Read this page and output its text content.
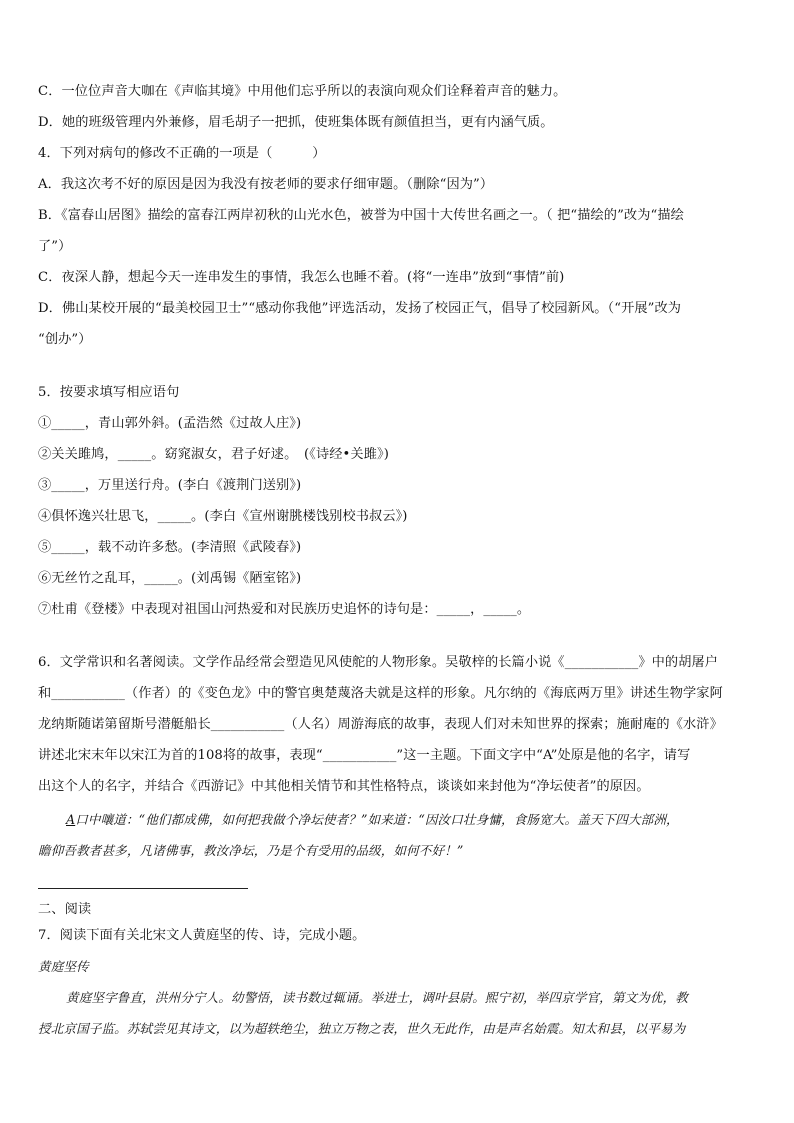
C．一位位声音大咖在《声临其境》中用他们忘乎所以的表演向观众们诠释着声音的魅力。
D．她的班级管理内外兼修，眉毛胡子一把抓，使班集体既有颜值担当，更有内涵气质。
4．下列对病句的修改不正确的一项是（　　　）
A．我这次考不好的原因是因为我没有按老师的要求仔细审题。（删除“因为”）
B．《富春山居图》描绘的富春江两岸初秋的山光水色，被誉为中国十大传世名画之一。（ 把“描绘的”改为“描绘
了”）
C．夜深人静，想起今天一连串发生的事情，我怎么也睡不着。(将“一连串”放到“事情”前)
D．佛山某校开展的“最美校园卫士”“感动你我他”评选活动，发扬了校园正气，倡导了校园新风。（“开展”改为
“创办”）
5．按要求填写相应语句
①_____，青山郭外斜。(孟浩然《过故人庄》)
②关关雎鸠，_____。窈窕淑女，君子好逑。　(《诗经•关雎》)
③_____，万里送行舟。(李白《渡荆门送别》)
④俱怀逸兴壮思飞，_____。(李白《宣州谢朓楼饯别校书叔云》)
⑤_____，载不动许多愁。(李清照《武陵春》)
⑥无丝竹之乱耳，_____。(刘禹锡《陋室铭》)
⑦杜甫《登楼》中表现对祖国山河热爱和对民族历史追怀的诗句是：_____，_____。
6．文学常识和名著阅读。文学作品经常会塑造见风使舵的人物形象。吴敬梓的长篇小说《___________》中的胡屠户
和___________（作者）的《变色龙》中的警官奥楚蔑洛夫就是这样的形象。凡尔纳的《海底两万里》讲述生物学家阿
龙纳斯随诺第留斯号潜艇船长___________（人名）周游海底的故事，表现人们对未知世界的探索；施耐庵的《水浒》
讲述北宋末年以宋江为首的108将的故事，表现“___________”这一主题。下面文字中“A”处原是他的名字，请写
出这个人的名字，并结合《西游记》中其他相关情节和其性格特点，谈谈如来封他为“净坛使者”的原因。
A口中嚷道：“他们都成佛，如何把我做个净坛使者？”如来道：“因汝口壮身慵，食肠宽大。盖天下四大部洲，
瞻仰吾教者甚多，凡诸佛事，教汝净坛，乃是个有受用的品级，如何不好！”
二、阅读
7．阅读下面有关北宋文人黄庭坚的传、诗，完成小题。
黄庭坚传
黄庭坚字鲁直，洪州分宁人。幼警悟，读书数过辄诵。举进士，调叶县尉。熙宁初，举四京学官，第文为优，教
授北京国子监。苏轼尝见其诗文，以为超轶绝尘，独立万物之表，世久无此作，由是声名始震。知太和县，以平易为
